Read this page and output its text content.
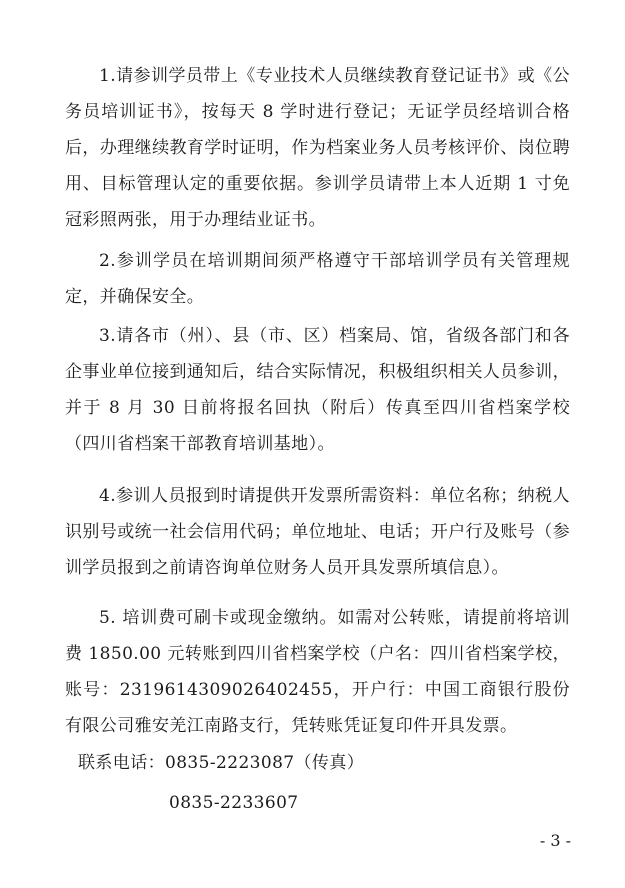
1.请参训学员带上《专业技术人员继续教育登记证书》或《公务员培训证书》，按每天 8 学时进行登记；无证学员经培训合格后，办理继续教育学时证明，作为档案业务人员考核评价、岗位聘用、目标管理认定的重要依据。参训学员请带上本人近期 1 寸免冠彩照两张，用于办理结业证书。

2.参训学员在培训期间须严格遵守干部培训学员有关管理规定，并确保安全。

3.请各市（州）、县（市、区）档案局、馆，省级各部门和各企事业单位接到通知后，结合实际情况，积极组织相关人员参训，并于 8 月 30 日前将报名回执（附后）传真至四川省档案学校（四川省档案干部教育培训基地）。

4.参训人员报到时请提供开发票所需资料：单位名称；纳税人识别号或统一社会信用代码；单位地址、电话；开户行及账号（参训学员报到之前请咨询单位财务人员开具发票所填信息）。

5. 培训费可刷卡或现金缴纳。如需对公转账，请提前将培训费 1850.00 元转账到四川省档案学校（户名：四川省档案学校，账号：2319614309026402455，开户行：中国工商银行股份有限公司雅安羌江南路支行，凭转账凭证复印件开具发票。

联系电话：0835-2223087（传真）
0835-2233607
- 3 -
